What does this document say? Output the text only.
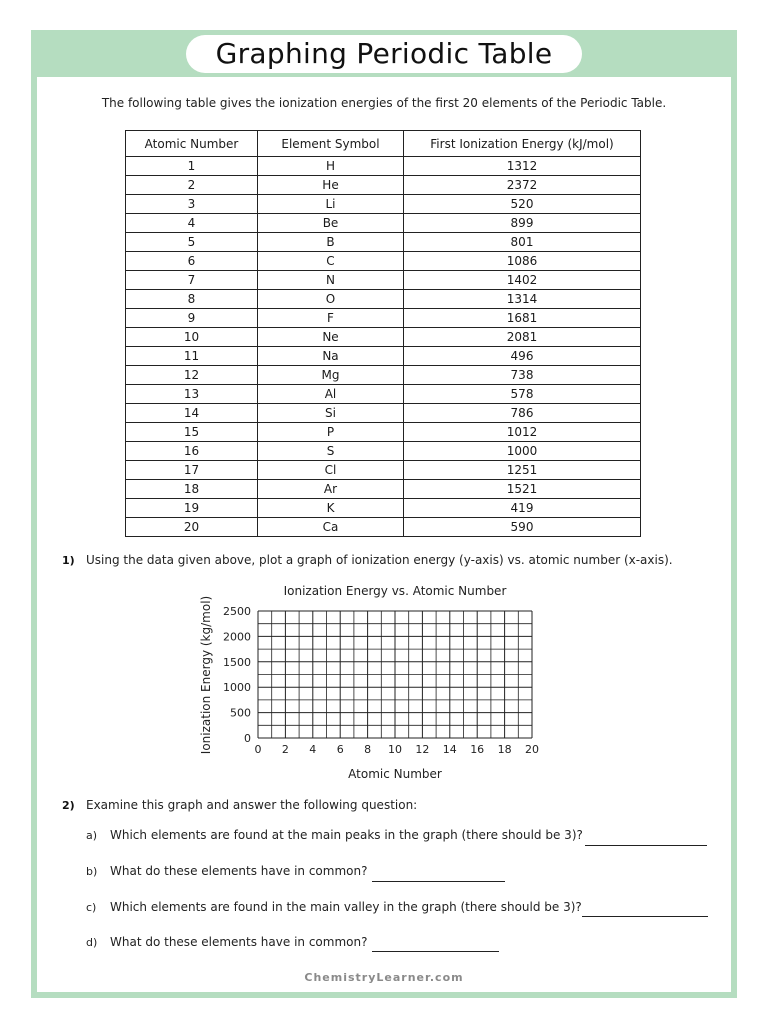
Graphing Periodic Table
The following table gives the ionization energies of the first 20 elements of the Periodic Table.
Atomic Number	Element Symbol	First Ionization Energy (kJ/mol)
1	H	1312
2	He	2372
3	Li	520
4	Be	899
5	B	801
6	C	1086
7	N	1402
8	O	1314
9	F	1681
10	Ne	2081
11	Na	496
12	Mg	738
13	Al	578
14	Si	786
15	P	1012
16	S	1000
17	Cl	1251
18	Ar	1521
19	K	419
20	Ca	590
1) Using the data given above, plot a graph of ionization energy (y-axis) vs. atomic number (x-axis).
Ionization Energy vs. Atomic Number
0 2 4 6 8 10 12 14 16 18 20
0
500
1000
1500
2000
2500
Atomic Number
Ionization Energy (kg/mol)
2) Examine this graph and answer the following question:
a) Which elements are found at the main peaks in the graph (there should be 3)?
b) What do these elements have in common?
c) Which elements are found in the main valley in the graph (there should be 3)?
d) What do these elements have in common?
ChemistryLearner.com
